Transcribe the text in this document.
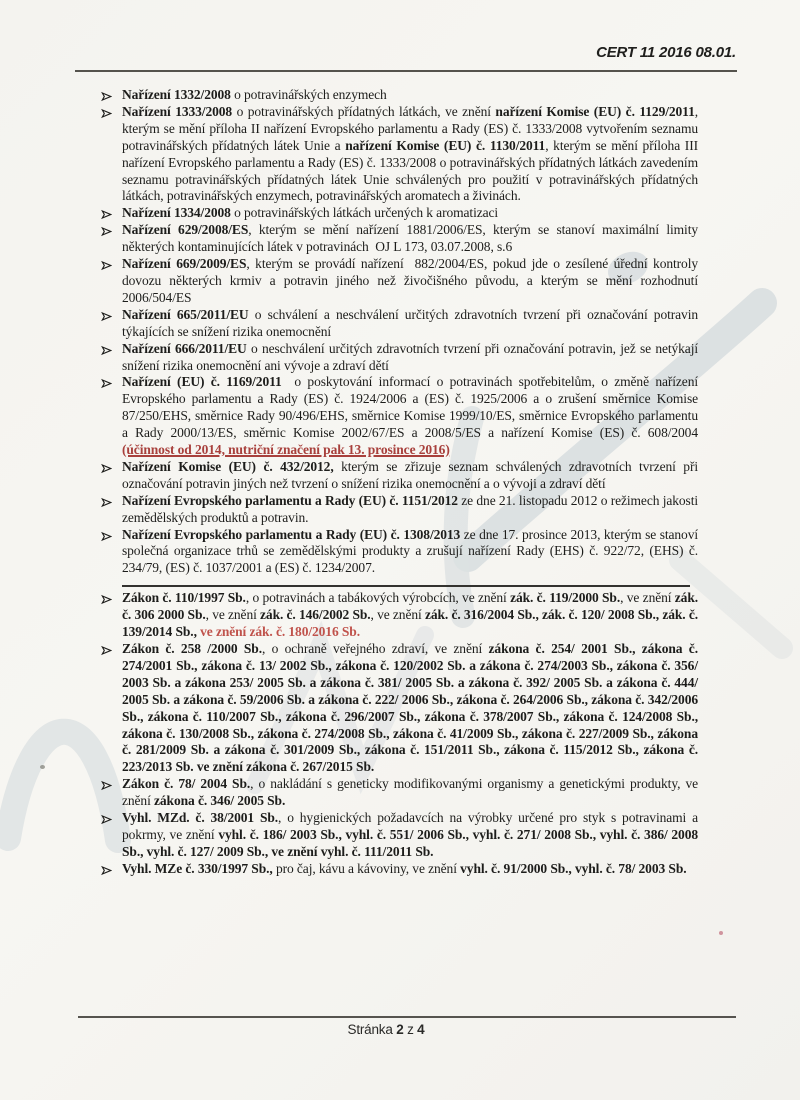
CERT 11 2016 08.01.
Nařízení 1332/2008 o potravinářských enzymech
Nařízení 1333/2008 o potravinářských přídatných látkách, ve znění nařízení Komise (EU) č. 1129/2011, kterým se mění příloha II nařízení Evropského parlamentu a Rady (ES) č. 1333/2008 vytvořením seznamu potravinářských přídatných látek Unie a nařízení Komise (EU) č. 1130/2011, kterým se mění příloha III nařízení Evropského parlamentu a Rady (ES) č. 1333/2008 o potravinářských přídatných látkách zavedením seznamu potravinářských přídatných látek Unie schválených pro použití v potravinářských přídatných látkách, potravinářských enzymech, potravinářských aromatech a živinách.
Nařízení 1334/2008 o potravinářských látkách určených k aromatizaci
Nařízení 629/2008/ES, kterým se mění nařízení 1881/2006/ES, kterým se stanoví maximální limity některých kontaminujících látek v potravinách  OJ L 173, 03.07.2008, s.6
Nařízení 669/2009/ES, kterým se provádí nařízení  882/2004/ES, pokud jde o zesílené úřední kontroly dovozu některých krmiv a potravin jiného než živočišného původu, a kterým se mění rozhodnutí 2006/504/ES
Nařízení 665/2011/EU o schválení a neschválení určitých zdravotních tvrzení při označování potravin týkajících se snížení rizika onemocnění
Nařízení 666/2011/EU o neschválení určitých zdravotních tvrzení při označování potravin, jež se netýkají snížení rizika onemocnění ani vývoje a zdraví dětí
Nařízení (EU) č. 1169/2011  o poskytování informací o potravinách spotřebitelům, o změně nařízení Evropského parlamentu a Rady (ES) č. 1924/2006 a (ES) č. 1925/2006 a o zrušení směrnice Komise 87/250/EHS, směrnice Rady 90/496/EHS, směrnice Komise 1999/10/ES, směrnice Evropského parlamentu a Rady 2000/13/ES, směrnic Komise 2002/67/ES a 2008/5/ES a nařízení Komise (ES) č. 608/2004 (účinnost od 2014, nutriční značení pak 13. prosince 2016)
Nařízení Komise (EU) č. 432/2012, kterým se zřizuje seznam schválených zdravotních tvrzení při označování potravin jiných než tvrzení o snížení rizika onemocnění a o vývoji a zdraví dětí
Nařízení Evropského parlamentu a Rady (EU) č. 1151/2012 ze dne 21. listopadu 2012 o režimech jakosti zemědělských produktů a potravin.
Nařízení Evropského parlamentu a Rady (EU) č. 1308/2013 ze dne 17. prosince 2013, kterým se stanoví společná organizace trhů se zemědělskými produkty a zrušují nařízení Rady (EHS) č. 922/72, (EHS) č. 234/79, (ES) č. 1037/2001 a (ES) č. 1234/2007.
Zákon č. 110/1997 Sb., o potravinách a tabákových výrobcích, ve znění zák. č. 119/2000 Sb., ve znění zák. č. 306 2000 Sb., ve znění zák. č. 146/2002 Sb., ve znění zák. č. 316/2004 Sb., zák. č. 120/ 2008 Sb., zák. č. 139/2014 Sb., ve znění zák. č. 180/2016 Sb.
Zákon č. 258 /2000 Sb., o ochraně veřejného zdraví, ve znění zákona č. 254/ 2001 Sb., zákona č. 274/2001 Sb., zákona č. 13/ 2002 Sb., zákona č. 120/2002 Sb. a zákona č. 274/2003 Sb., zákona č. 356/ 2003 Sb. a zákona 253/ 2005 Sb. a zákona č. 381/ 2005 Sb. a zákona č. 392/ 2005 Sb. a zákona č. 444/ 2005 Sb. a zákona č. 59/2006 Sb. a zákona č. 222/ 2006 Sb., zákona č. 264/2006 Sb., zákona č. 342/2006 Sb., zákona č. 110/2007 Sb., zákona č. 296/2007 Sb., zákona č. 378/2007 Sb., zákona č. 124/2008 Sb., zákona č. 130/2008 Sb., zákona č. 274/2008 Sb., zákona č. 41/2009 Sb., zákona č. 227/2009 Sb., zákona č. 281/2009 Sb. a zákona č. 301/2009 Sb., zákona č. 151/2011 Sb., zákona č. 115/2012 Sb., zákona č. 223/2013 Sb. ve znění zákona č. 267/2015 Sb.
Zákon č. 78/ 2004 Sb., o nakládání s geneticky modifikovanými organismy a genetickými produkty, ve znění zákona č. 346/ 2005 Sb.
Vyhl. MZd. č. 38/2001 Sb., o hygienických požadavcích na výrobky určené pro styk s potravinami a pokrmy, ve znění vyhl. č. 186/ 2003 Sb., vyhl. č. 551/ 2006 Sb., vyhl. č. 271/ 2008 Sb., vyhl. č. 386/ 2008 Sb., vyhl. č. 127/ 2009 Sb., ve znění vyhl. č. 111/2011 Sb.
Vyhl. MZe č. 330/1997 Sb., pro čaj, kávu a kávoviny, ve znění vyhl. č. 91/2000 Sb., vyhl. č. 78/ 2003 Sb.
Stránka 2 z 4
